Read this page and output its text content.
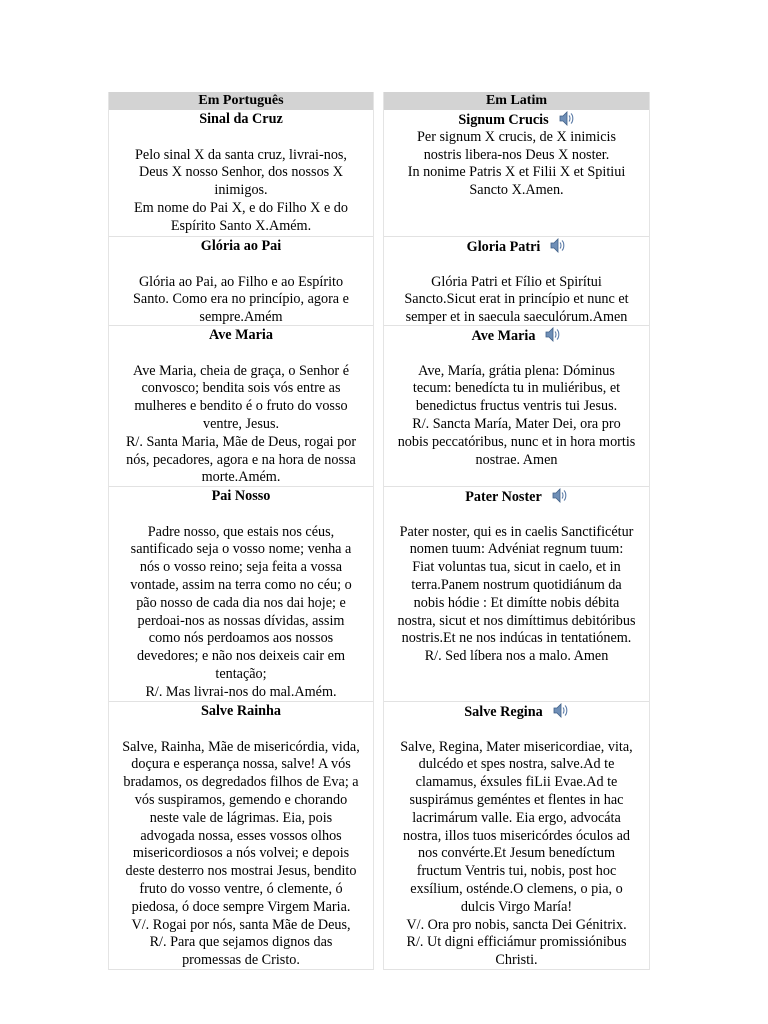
Em Português	Em Latim
Sinal da Cruz
Pelo sinal X da santa cruz, livrai-nos,
Deus X nosso Senhor, dos nossos X
inimigos.
Em nome do Pai X, e do Filho X e do
Espírito Santo X.Amém.
Signum Crucis
Per signum X crucis, de X inimicis
nostris libera-nos Deus X noster.
In nonime Patris X et Filii X et Spitiui
Sancto X.Amen.
Glória ao Pai
Glória ao Pai, ao Filho e ao Espírito
Santo. Como era no princípio, agora e
sempre.Amém
Gloria Patri
Glória Patri et Fílio et Spirítui
Sancto.Sicut erat in princípio et nunc et
semper et in saecula saeculórum.Amen
Ave Maria
Ave Maria, cheia de graça, o Senhor é
convosco; bendita sois vós entre as
mulheres e bendito é o fruto do vosso
ventre, Jesus.
R/. Santa Maria, Mãe de Deus, rogai por
nós, pecadores, agora e na hora de nossa
morte.Amém.
Ave Maria
Ave, María, grátia plena: Dóminus
tecum: benedícta tu in muliéribus, et
benedictus fructus ventris tui Jesus.
R/. Sancta María, Mater Dei, ora pro
nobis peccatóribus, nunc et in hora mortis
nostrae. Amen
Pai Nosso
Padre nosso, que estais nos céus,
santificado seja o vosso nome; venha a
nós o vosso reino; seja feita a vossa
vontade, assim na terra como no céu; o
pão nosso de cada dia nos dai hoje; e
perdoai-nos as nossas dívidas, assim
como nós perdoamos aos nossos
devedores; e não nos deixeis cair em
tentação;
R/. Mas livrai-nos do mal.Amém.
Pater Noster
Pater noster, qui es in caelis Sanctificétur
nomen tuum: Advéniat regnum tuum:
Fiat voluntas tua, sicut in caelo, et in
terra.Panem nostrum quotidiánum da
nobis hódie : Et dimítte nobis débita
nostra, sicut et nos dimíttimus debitóribus
nostris.Et ne nos indúcas in tentatiónem.
R/. Sed líbera nos a malo. Amen
Salve Rainha
Salve, Rainha, Mãe de misericórdia, vida,
doçura e esperança nossa, salve! A vós
bradamos, os degredados filhos de Eva; a
vós suspiramos, gemendo e chorando
neste vale de lágrimas. Eia, pois
advogada nossa, esses vossos olhos
misericordiosos a nós volvei; e depois
deste desterro nos mostrai Jesus, bendito
fruto do vosso ventre, ó clemente, ó
piedosa, ó doce sempre Virgem Maria.
V/. Rogai por nós, santa Mãe de Deus,
R/. Para que sejamos dignos das
promessas de Cristo.
Salve Regina
Salve, Regina, Mater misericordiae, vita,
dulcédo et spes nostra, salve.Ad te
clamamus, éxsules fiLii Evae.Ad te
suspirámus geméntes et flentes in hac
lacrimárum valle. Eia ergo, advocáta
nostra, illos tuos misericórdes óculos ad
nos convérte.Et Jesum benedíctum
fructum Ventris tui, nobis, post hoc
exsílium, osténde.O clemens, o pia, o
dulcis Virgo María!
V/. Ora pro nobis, sancta Dei Génitrix.
R/. Ut digni efficiámur promissiónibus
Christi.
